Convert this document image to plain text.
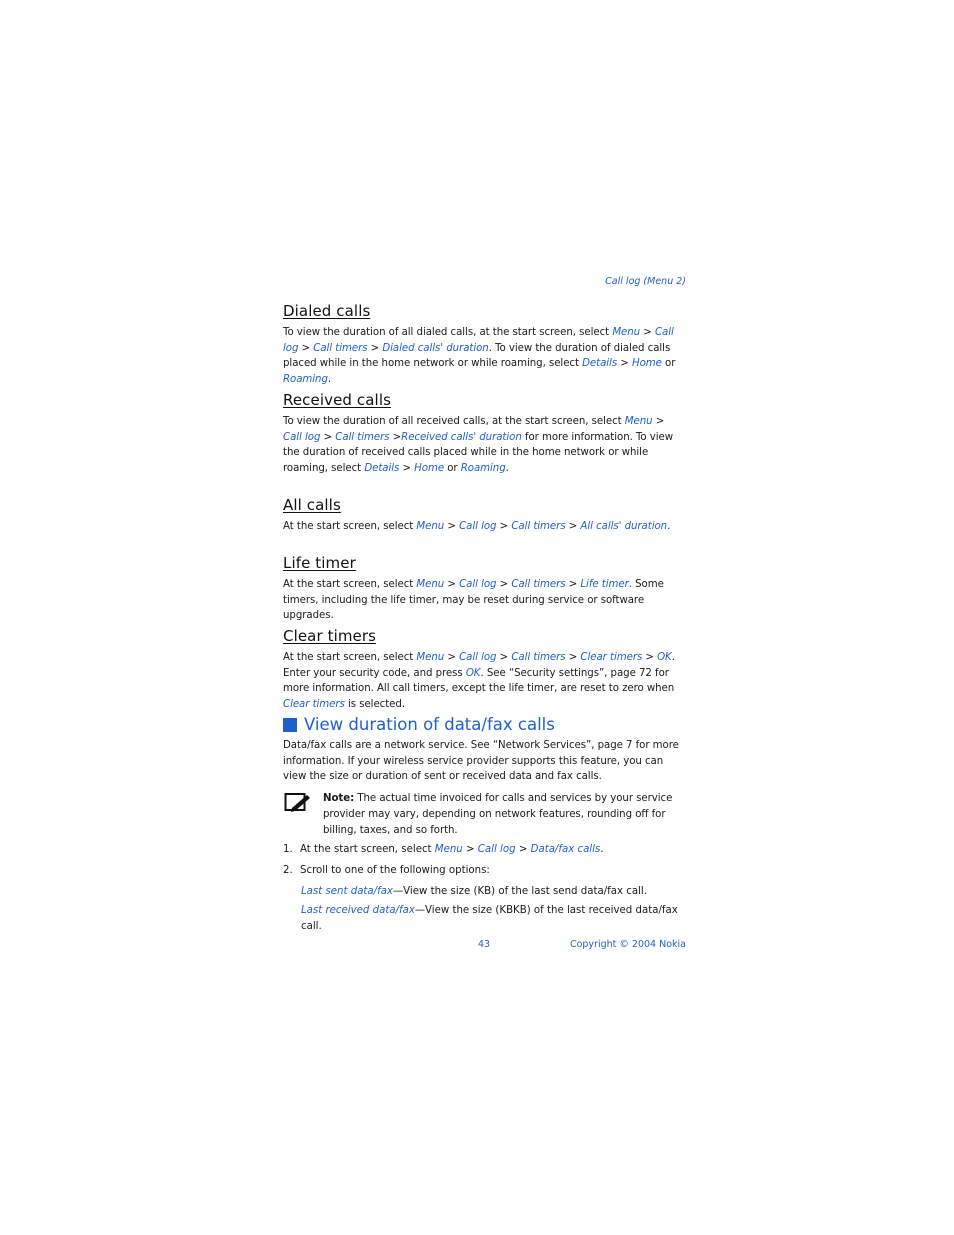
Call log (Menu 2)
Dialed calls

To view the duration of all dialed calls, at the start screen, select Menu > Call log > Call timers > Dialed calls' duration. To view the duration of dialed calls placed while in the home network or while roaming, select Details > Home or Roaming.

Received calls

To view the duration of all received calls, at the start screen, select Menu > Call log > Call timers >Received calls' duration for more information. To view the duration of received calls placed while in the home network or while roaming, select Details > Home or Roaming.

All calls

At the start screen, select Menu > Call log > Call timers > All calls' duration.

Life timer

At the start screen, select Menu > Call log > Call timers > Life timer. Some timers, including the life timer, may be reset during service or software upgrades.

Clear timers

At the start screen, select Menu > Call log > Call timers > Clear timers > OK. Enter your security code, and press OK. See “Security settings”, page 72 for more information. All call timers, except the life timer, are reset to zero when Clear timers is selected.

View duration of data/fax calls

Data/fax calls are a network service. See “Network Services”, page 7 for more information. If your wireless service provider supports this feature, you can view the size or duration of sent or received data and fax calls.

Note: The actual time invoiced for calls and services by your service provider may vary, depending on network features, rounding off for billing, taxes, and so forth.

1. At the start screen, select Menu > Call log > Data/fax calls.
2. Scroll to one of the following options:
Last sent data/fax—View the size (KB) of the last send data/fax call.
Last received data/fax—View the size (KBKB) of the last received data/fax call.
43	Copyright © 2004 Nokia
